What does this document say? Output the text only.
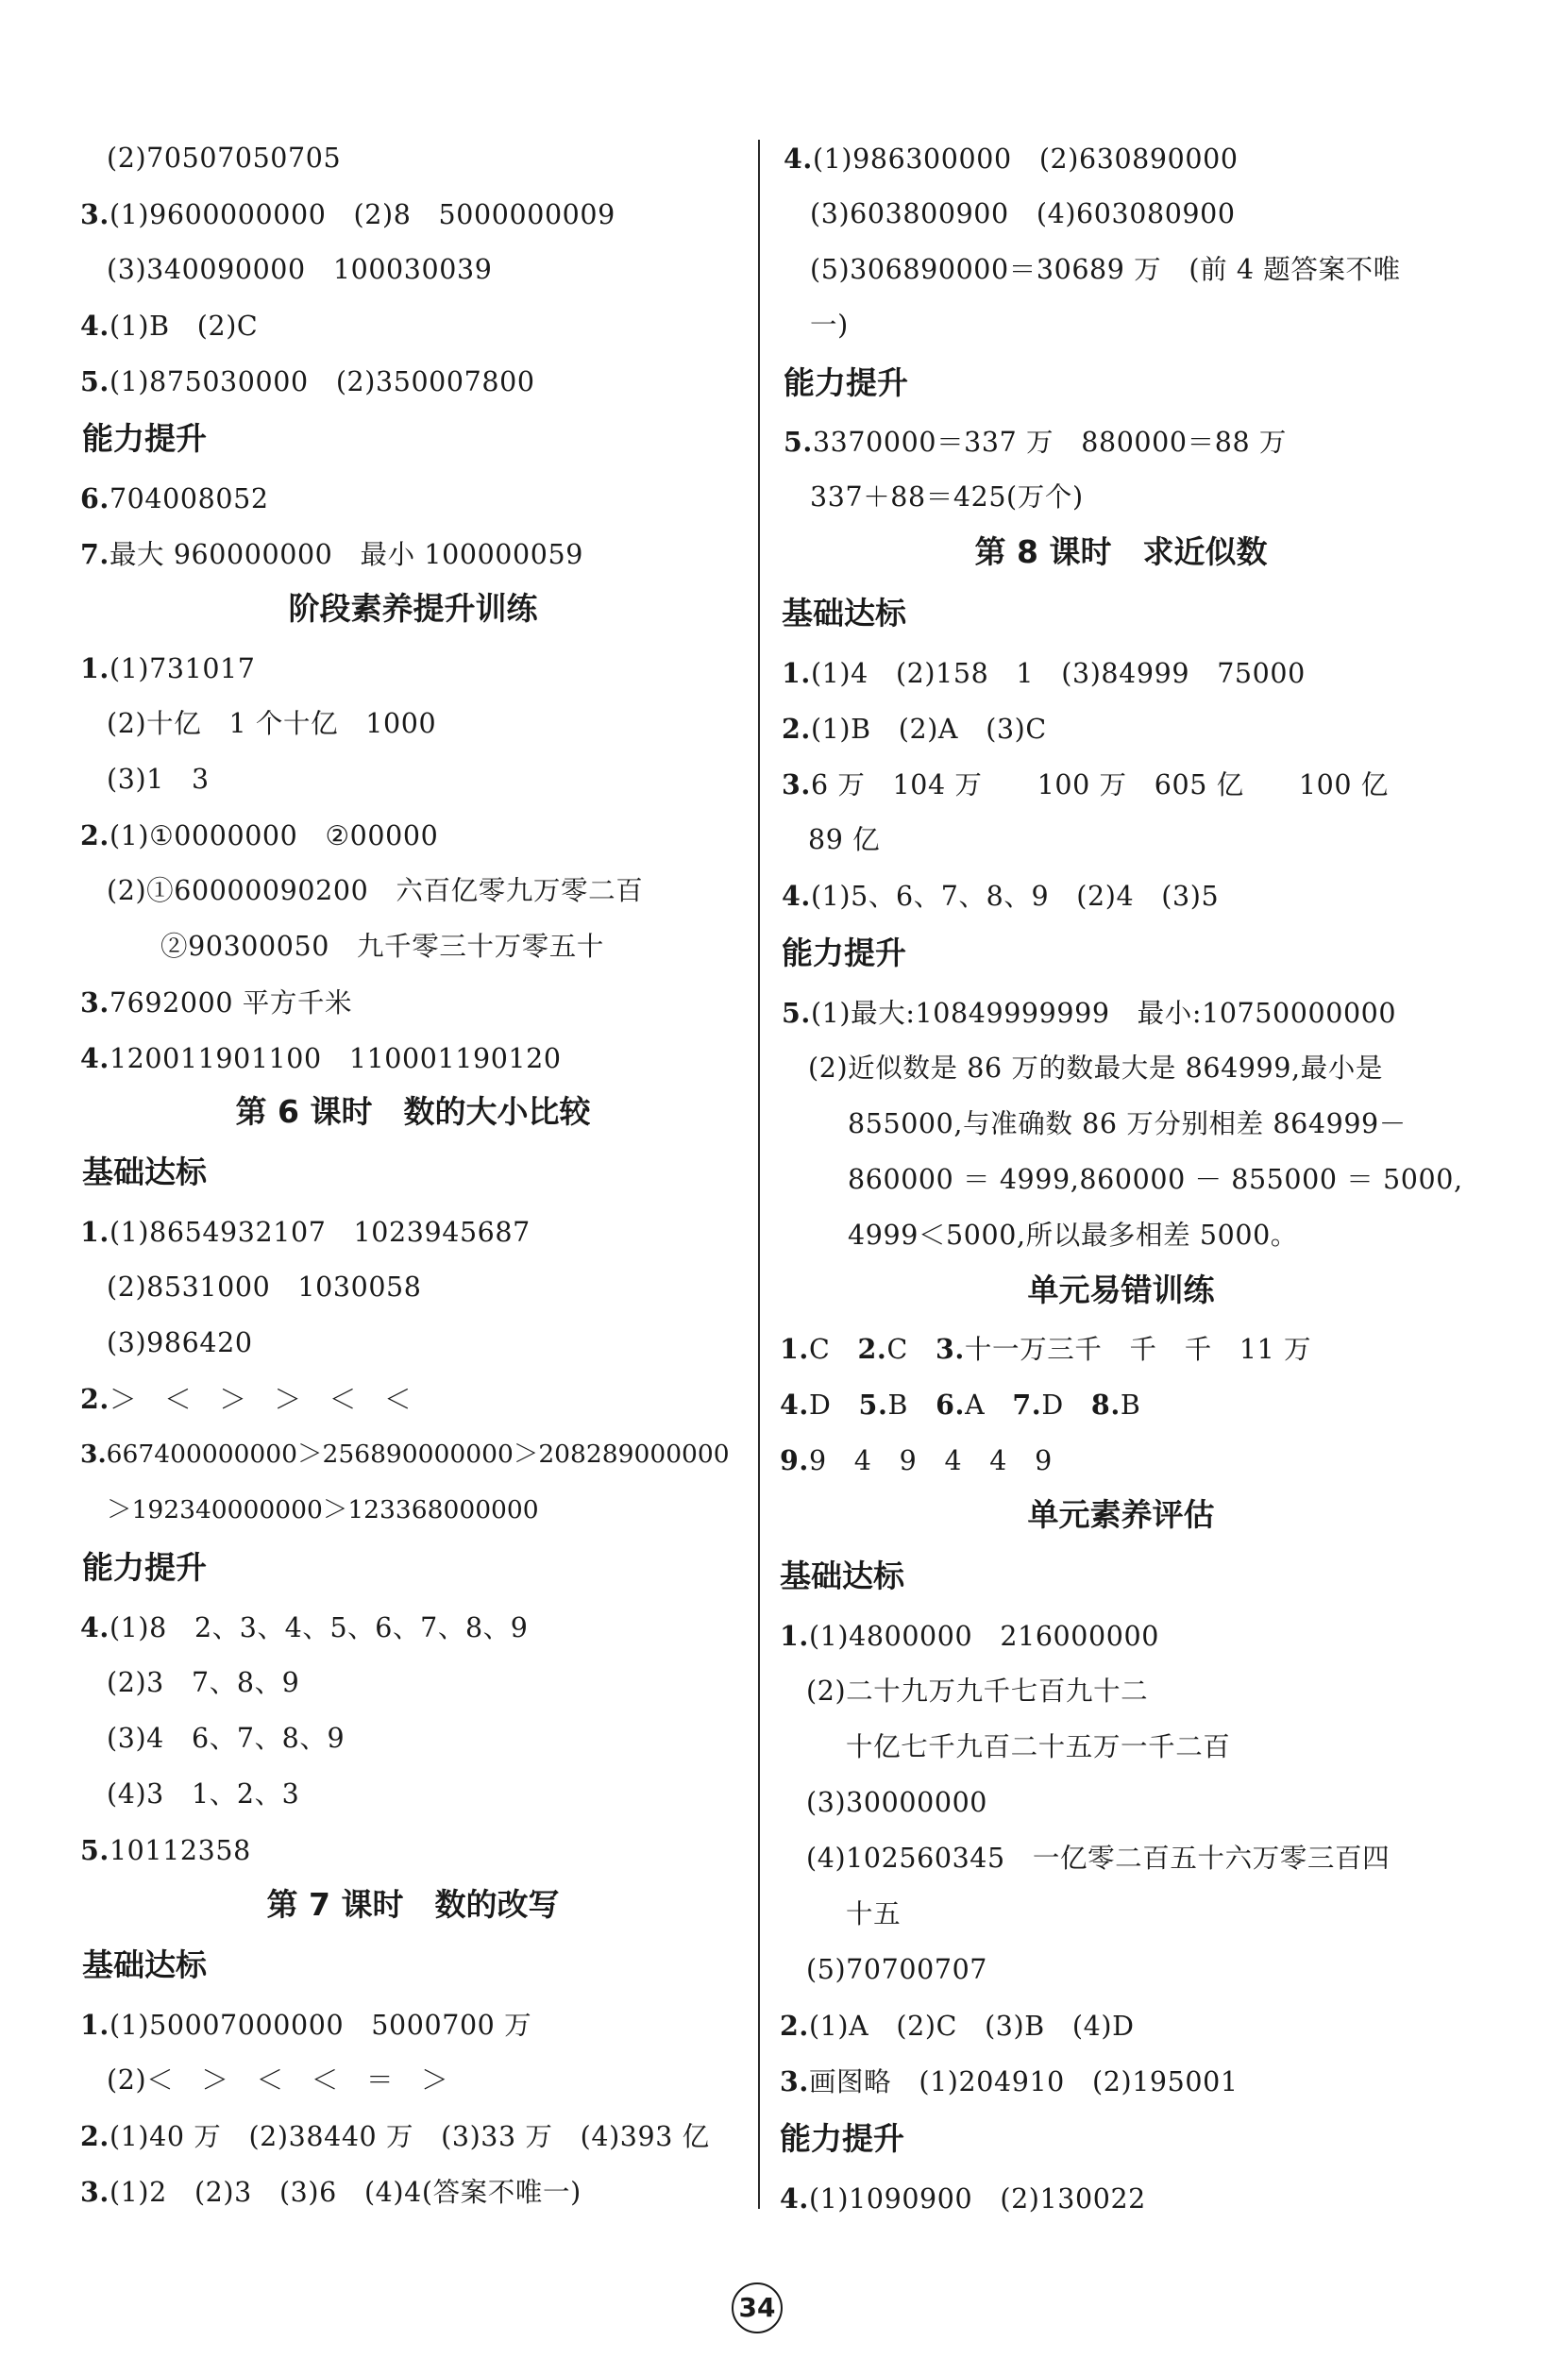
(2)70507050705
3.(1)9600000000　(2)8　5000000009
(3)340090000　100030039
4.(1)B　(2)C
5.(1)875030000　(2)350007800
能力提升
6.704008052
7.最大 960000000　最小 100000059
阶段素养提升训练
1.(1)731017
(2)十亿　1 个十亿　1000
(3)1　3
2.(1)①0000000　②00000
(2)①60000090200　六百亿零九万零二百
②90300050　九千零三十万零五十
3.7692000 平方千米
4.120011901100　110001190120
第 6 课时　数的大小比较
基础达标
1.(1)8654932107　1023945687
(2)8531000　1030058
(3)986420
2.＞　＜　＞　＞　＜　＜
3.667400000000＞256890000000＞208289000000
＞192340000000＞123368000000
能力提升
4.(1)8　2、3、4、5、6、7、8、9
(2)3　7、8、9
(3)4　6、7、8、9
(4)3　1、2、3
5.10112358
第 7 课时　数的改写
基础达标
1.(1)50007000000　5000700 万
(2)＜　＞　＜　＜　＝　＞
2.(1)40 万　(2)38440 万　(3)33 万　(4)393 亿
3.(1)2　(2)3　(3)6　(4)4(答案不唯一)
4.(1)986300000　(2)630890000
(3)603800900　(4)603080900
(5)306890000＝30689 万　(前 4 题答案不唯
一)
能力提升
5.3370000＝337 万　880000＝88 万
337＋88＝425(万个)
第 8 课时　求近似数
基础达标
1.(1)4　(2)158　1　(3)84999　75000
2.(1)B　(2)A　(3)C
3.6 万　104 万　　100 万　605 亿　　100 亿
89 亿
4.(1)5、6、7、8、9　(2)4　(3)5
能力提升
5.(1)最大:10849999999　最小:10750000000
(2)近似数是 86 万的数最大是 864999,最小是
855000,与准确数 86 万分别相差 864999－
860000 ＝ 4999,860000 － 855000 ＝ 5000,
4999＜5000,所以最多相差 5000。
单元易错训练
1.C　 2.C　 3.十一万三千　千　千　11 万
4.D　 5.B　 6.A　 7.D　 8.B
9.9　4　9　4　4　9
单元素养评估
基础达标
1.(1)4800000　216000000
(2)二十九万九千七百九十二
十亿七千九百二十五万一千二百
(3)30000000
(4)102560345　一亿零二百五十六万零三百四
十五
(5)70700707
2.(1)A　(2)C　(3)B　(4)D
3.画图略　(1)204910　(2)195001
能力提升
4.(1)1090900　(2)130022
34
